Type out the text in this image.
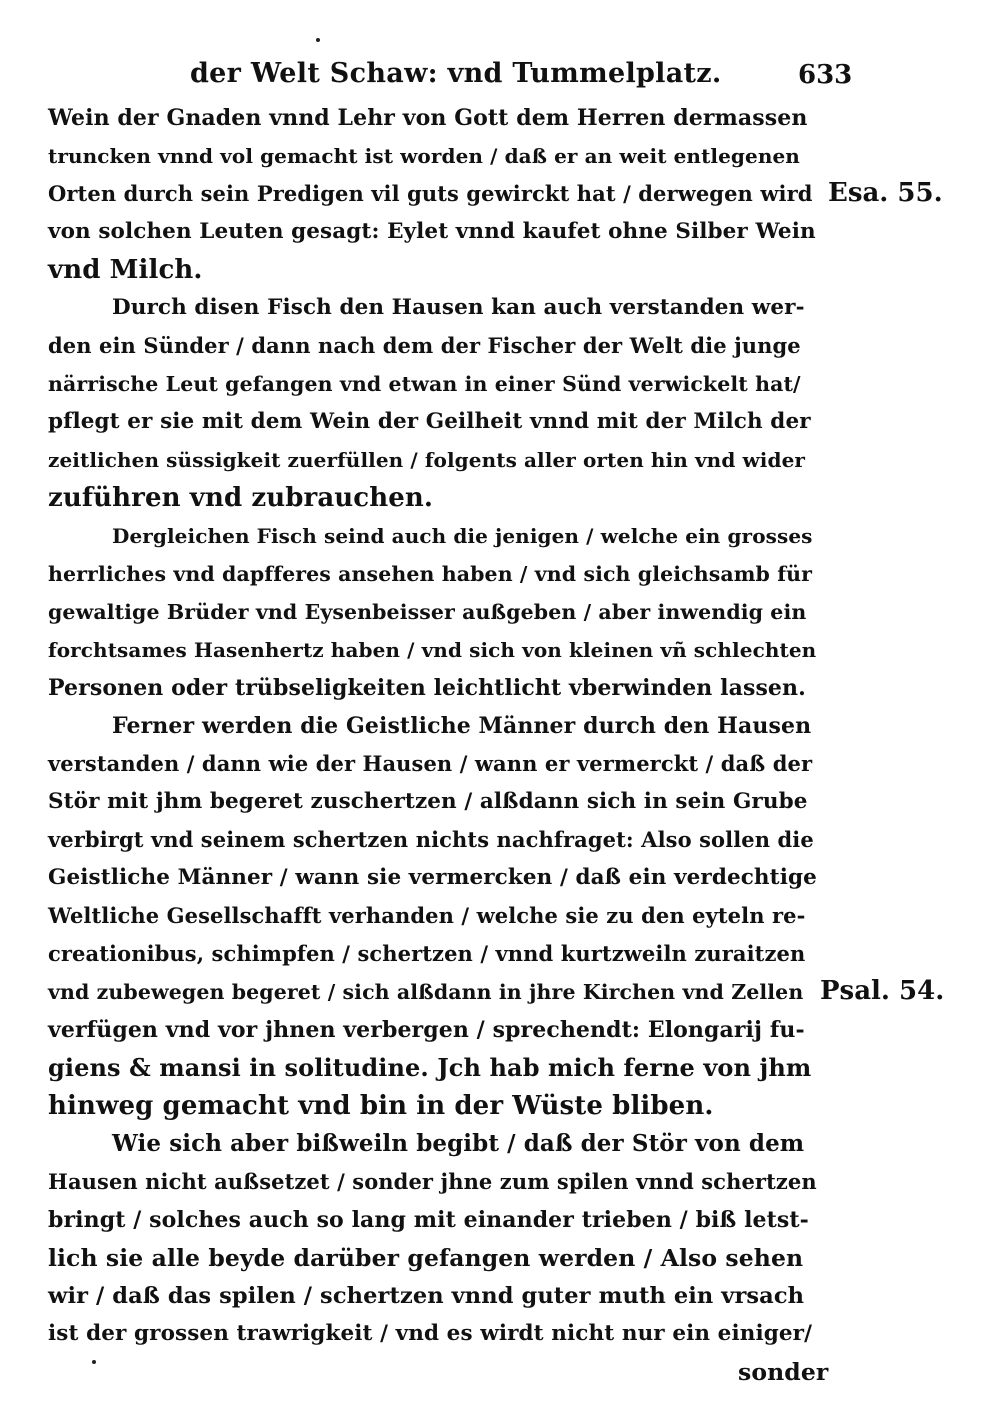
der Welt Schaw: vnd Tummelplatz.	633
Wein der Gnaden vnnd Lehr von Gott dem Herren dermassen
truncken vnnd vol gemacht ist worden / daß er an weit entlegenen
Orten durch sein Predigen vil guts gewirckt hat / derwegen wird
von solchen Leuten gesagt: Eylet vnnd kaufet ohne Silber Wein
vnd Milch.
Durch disen Fisch den Hausen kan auch verstanden wer-
den ein Sünder / dann nach dem der Fischer der Welt die junge
närrische Leut gefangen vnd etwan in einer Sünd verwickelt hat/
pflegt er sie mit dem Wein der Geilheit vnnd mit der Milch der
zeitlichen süssigkeit zuerfüllen / folgents aller orten hin vnd wider
zuführen vnd zubrauchen.
Dergleichen Fisch seind auch die jenigen / welche ein grosses
herrliches vnd dapfferes ansehen haben / vnd sich gleichsamb für
gewaltige Brüder vnd Eysenbeisser außgeben / aber inwendig ein
forchtsames Hasenhertz haben / vnd sich von kleinen vñ schlechten
Personen oder trübseligkeiten leichtlicht vberwinden lassen.
Ferner werden die Geistliche Männer durch den Hausen
verstanden / dann wie der Hausen / wann er vermerckt / daß der
Stör mit jhm begeret zuschertzen / alßdann sich in sein Grube
verbirgt vnd seinem schertzen nichts nachfraget: Also sollen die
Geistliche Männer / wann sie vermercken / daß ein verdechtige
Weltliche Gesellschafft verhanden / welche sie zu den eyteln re-
creationibus, schimpfen / schertzen / vnnd kurtzweiln zuraitzen
vnd zubewegen begeret / sich alßdann in jhre Kirchen vnd Zellen
verfügen vnd vor jhnen verbergen / sprechendt: Elongarij fu-
giens & mansi in solitudine. Jch hab mich ferne von jhm
hinweg gemacht vnd bin in der Wüste bliben.
Wie sich aber bißweiln begibt / daß der Stör von dem
Hausen nicht außsetzet / sonder jhne zum spilen vnnd schertzen
bringt / solches auch so lang mit einander trieben / biß letst-
lich sie alle beyde darüber gefangen werden / Also sehen
wir / daß das spilen / schertzen vnnd guter muth ein vrsach
ist der grossen trawrigkeit / vnd es wirdt nicht nur ein einiger/
sonder
Esa. 55.
Psal. 54.
